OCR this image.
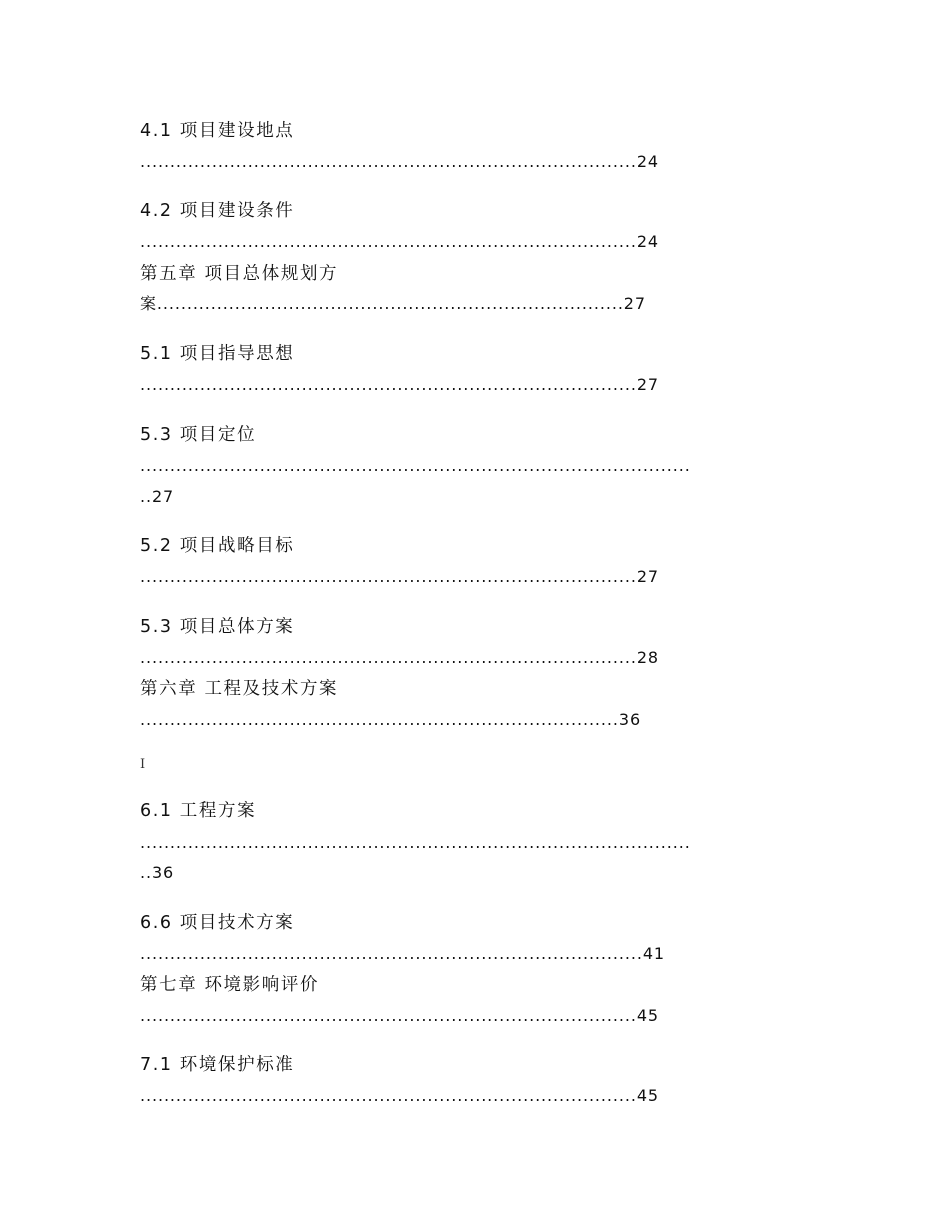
4.1 项目建设地点
...................................................................................24
4.2 项目建设条件
...................................................................................24
第五章 项目总体规划方
案..............................................................................27
5.1 项目指导思想
...................................................................................27
5.3 项目定位
............................................................................................
..27
5.2 项目战略目标
...................................................................................27
5.3 项目总体方案
...................................................................................28
第六章 工程及技术方案
................................................................................36
I
6.1 工程方案
............................................................................................
..36
6.6 项目技术方案
....................................................................................41
第七章 环境影响评价
...................................................................................45
7.1 环境保护标准
...................................................................................45
